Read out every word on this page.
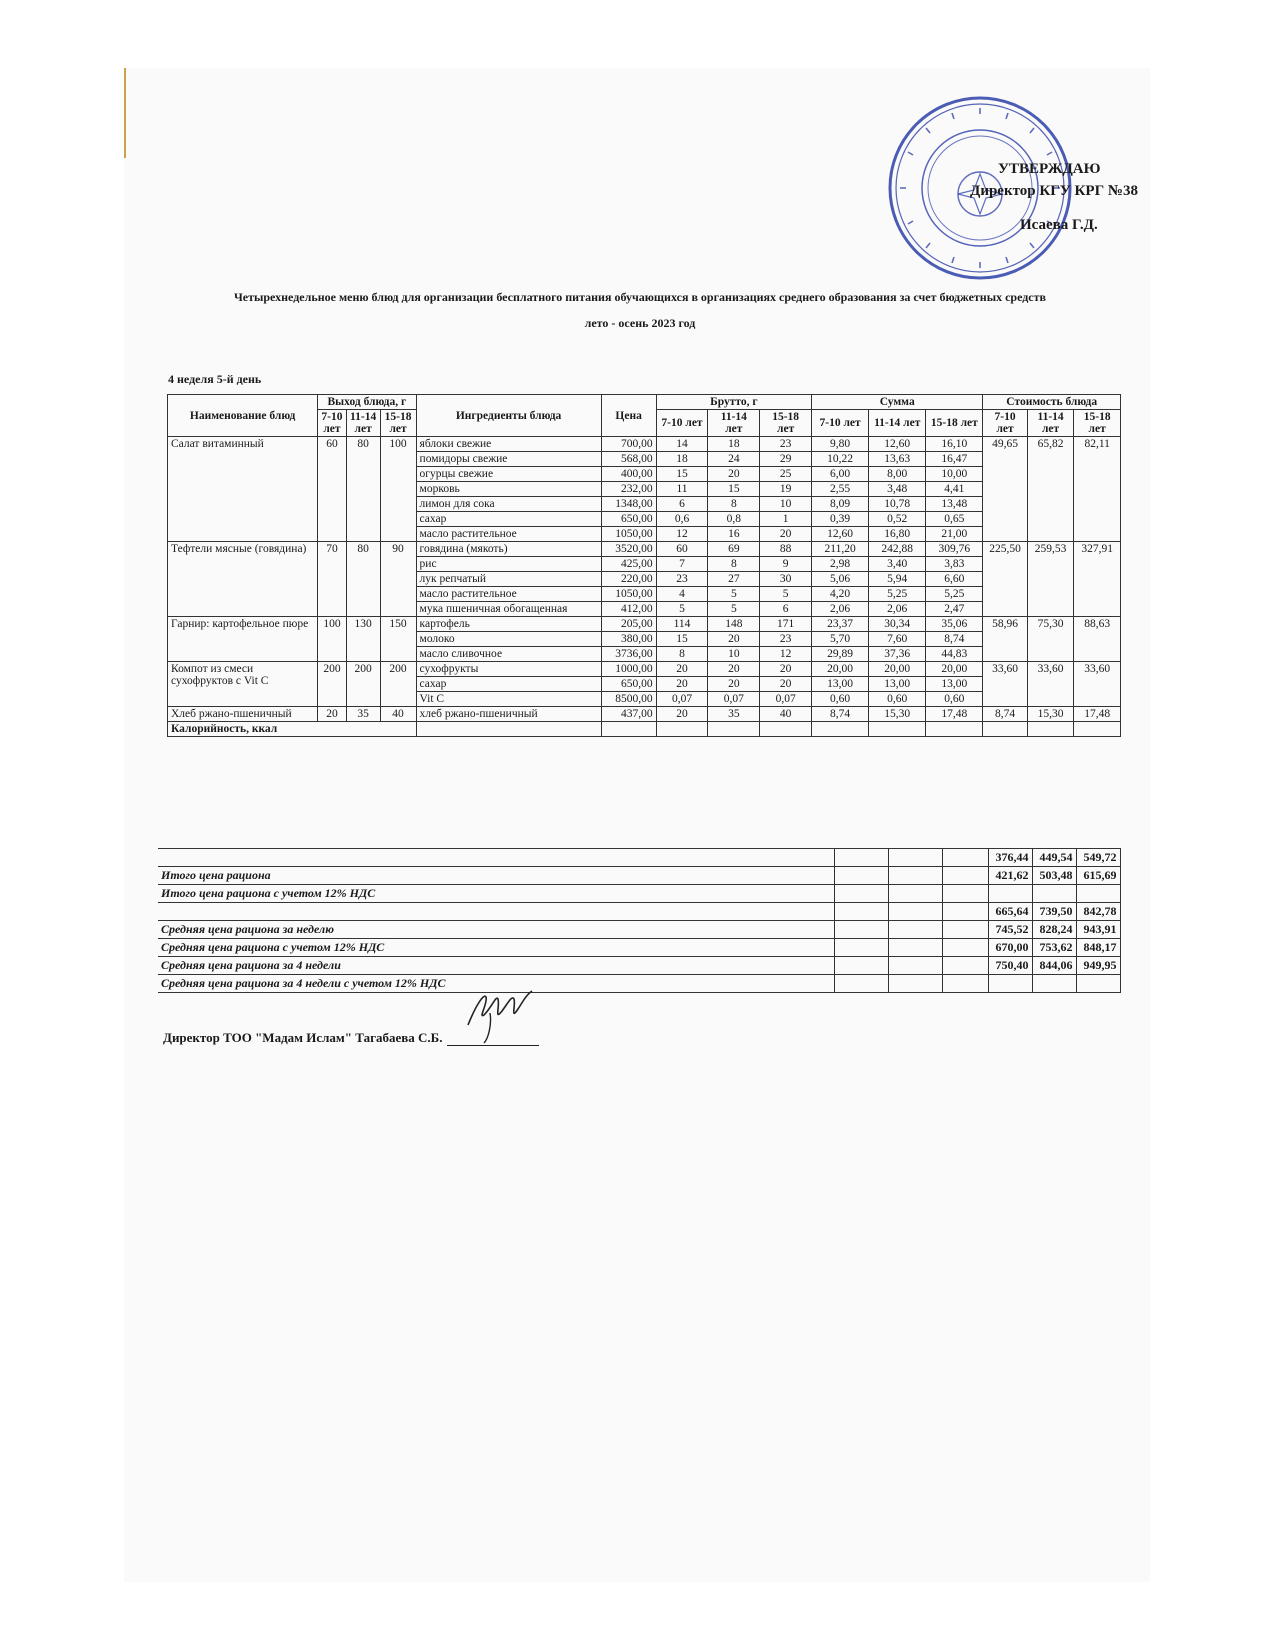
УТВЕРЖДАЮ
Директор КГУ КРГ №38
Исаева Г.Д.
Четырехнедельное меню блюд для организации бесплатного питания обучающихся в организациях среднего образования за счет бюджетных средств
лето - осень 2023 год
4 неделя 5-й день
Наименование блюд	Выход блюда, г			Ингредиенты блюда	Цена	Брутто, г			Сумма			Стоимость блюда		
	7-10 лет	11-14 лет	15-18 лет			7-10 лет	11-14 лет	15-18 лет	7-10 лет	11-14 лет	15-18 лет	7-10 лет	11-14 лет	15-18 лет
Салат витаминный	60	80	100	яблоки свежие	700,00	14	18	23	9,80	12,60	16,10	49,65	65,82	82,11
				помидоры свежие	568,00	18	24	29	10,22	13,63	16,47			
				огурцы свежие	400,00	15	20	25	6,00	8,00	10,00			
				морковь	232,00	11	15	19	2,55	3,48	4,41			
				лимон для сока	1348,00	6	8	10	8,09	10,78	13,48			
				сахар	650,00	0,6	0,8	1	0,39	0,52	0,65			
				масло растительное	1050,00	12	16	20	12,60	16,80	21,00			
Тефтели мясные (говядина)	70	80	90	говядина (мякоть)	3520,00	60	69	88	211,20	242,88	309,76	225,50	259,53	327,91
				рис	425,00	7	8	9	2,98	3,40	3,83			
				лук репчатый	220,00	23	27	30	5,06	5,94	6,60			
				масло растительное	1050,00	4	5	5	4,20	5,25	5,25			
				мука пшеничная обогащенная	412,00	5	5	6	2,06	2,06	2,47			
Гарнир: картофельное пюре	100	130	150	картофель	205,00	114	148	171	23,37	30,34	35,06	58,96	75,30	88,63
				молоко	380,00	15	20	23	5,70	7,60	8,74			
				масло сливочное	3736,00	8	10	12	29,89	37,36	44,83			
Компот из смеси сухофруктов с Vit C	200	200	200	сухофрукты	1000,00	20	20	20	20,00	20,00	20,00	33,60	33,60	33,60
				сахар	650,00	20	20	20	13,00	13,00	13,00			
				Vit C	8500,00	0,07	0,07	0,07	0,60	0,60	0,60			
Хлеб ржано-пшеничный	20	35	40	хлеб ржано-пшеничный	437,00	20	35	40	8,74	15,30	17,48	8,74	15,30	17,48
Калорийность, ккал														
				376,44	449,54	549,72
Итого цена рациона				421,62	503,48	615,69
Итого цена рациона с учетом 12% НДС						
				665,64	739,50	842,78
Средняя цена рациона за неделю				745,52	828,24	943,91
Средняя цена рациона с учетом 12% НДС				670,00	753,62	848,17
Средняя цена рациона за 4 недели				750,40	844,06	949,95
Средняя цена рациона за 4 недели с учетом 12% НДС						
Директор ТОО "Мадам Ислам" Тагабаева С.Б.
